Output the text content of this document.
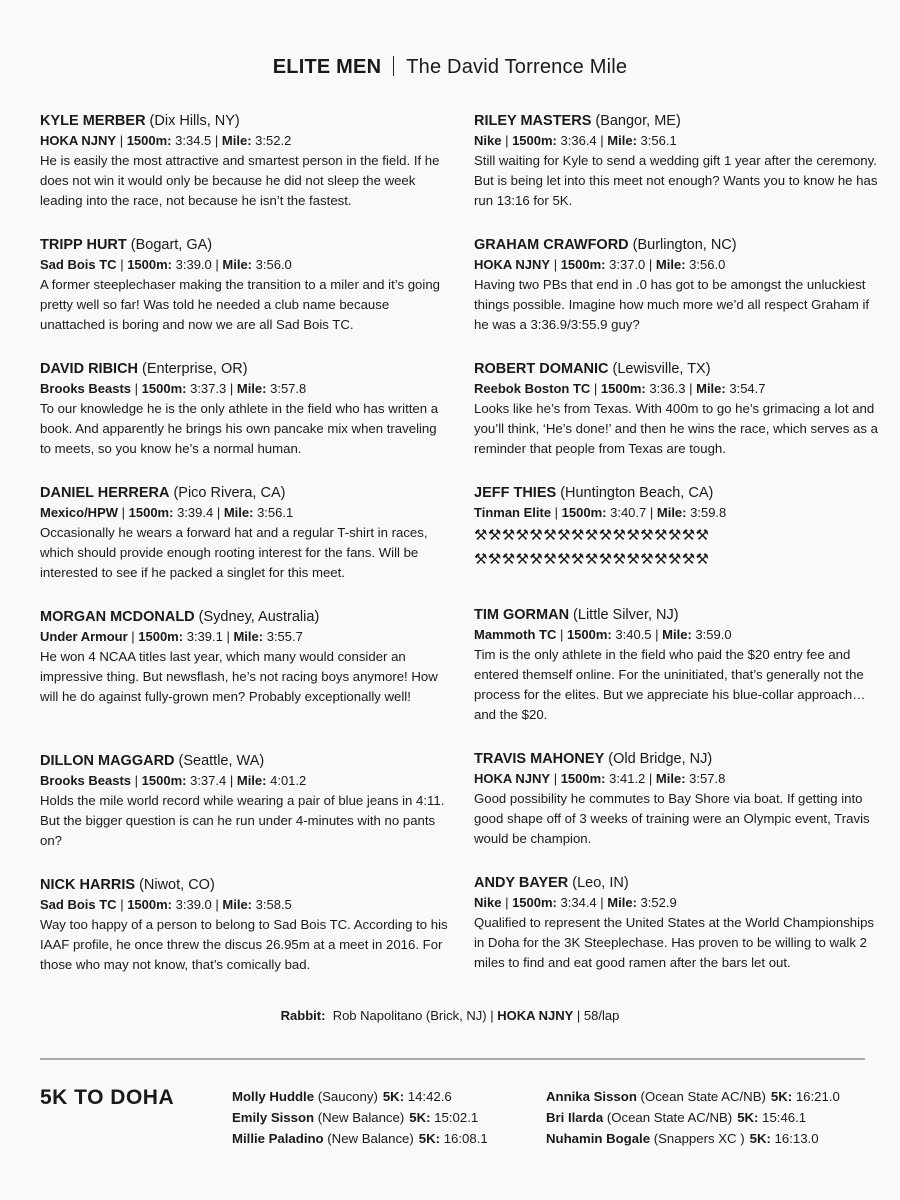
ELITE MEN The David Torrence Mile
KYLE MERBER (Dix Hills, NY)
HOKA NJNY | 1500m: 3:34.5 | Mile: 3:52.2
He is easily the most attractive and smartest person in the field. If he does not win it would only be because he did not sleep the week leading into the race, not because he isn’t the fastest.
TRIPP HURT (Bogart, GA)
Sad Bois TC | 1500m: 3:39.0 | Mile: 3:56.0
A former steeplechaser making the transition to a miler and it’s going pretty well so far! Was told he needed a club name because unattached is boring and now we are all Sad Bois TC.
DAVID RIBICH (Enterprise, OR)
Brooks Beasts | 1500m: 3:37.3 | Mile: 3:57.8
To our knowledge he is the only athlete in the field who has written a book. And apparently he brings his own pancake mix when traveling to meets, so you know he’s a normal human.
DANIEL HERRERA (Pico Rivera, CA)
Mexico/HPW | 1500m: 3:39.4 | Mile: 3:56.1
Occasionally he wears a forward hat and a regular T-shirt in races, which should provide enough rooting interest for the fans. Will be interested to see if he packed a singlet for this meet.
MORGAN MCDONALD (Sydney, Australia)
Under Armour | 1500m: 3:39.1 | Mile: 3:55.7
He won 4 NCAA titles last year, which many would consider an impressive thing. But newsflash, he’s not racing boys anymore! How will he do against fully-grown men? Probably exceptionally well!
DILLON MAGGARD (Seattle, WA)
Brooks Beasts | 1500m: 3:37.4 | Mile: 4:01.2
Holds the mile world record while wearing a pair of blue jeans in 4:11. But the bigger question is can he run under 4-minutes with no pants on?
NICK HARRIS (Niwot, CO)
Sad Bois TC | 1500m: 3:39.0 | Mile: 3:58.5
Way too happy of a person to belong to Sad Bois TC. According to his IAAF profile, he once threw the discus 26.95m at a meet in 2016. For those who may not know, that’s comically bad.
RILEY MASTERS (Bangor, ME)
Nike | 1500m: 3:36.4 | Mile: 3:56.1
Still waiting for Kyle to send a wedding gift 1 year after the ceremony. But is being let into this meet not enough? Wants you to know he has run 13:16 for 5K.
GRAHAM CRAWFORD (Burlington, NC)
HOKA NJNY | 1500m: 3:37.0 | Mile: 3:56.0
Having two PBs that end in .0 has got to be amongst the unluckiest things possible. Imagine how much more we’d all respect Graham if he was a 3:36.9/3:55.9 guy?
ROBERT DOMANIC (Lewisville, TX)
Reebok Boston TC | 1500m: 3:36.3 | Mile: 3:54.7
Looks like he’s from Texas. With 400m to go he’s grimacing a lot and you’ll think, ‘He’s done!’ and then he wins the race, which serves as a reminder that people from Texas are tough.
JEFF THIES (Huntington Beach, CA)
Tinman Elite | 1500m: 3:40.7 | Mile: 3:59.8
⚒⚒⚒⚒⚒⚒⚒⚒⚒⚒⚒⚒⚒⚒⚒⚒⚒
⚒⚒⚒⚒⚒⚒⚒⚒⚒⚒⚒⚒⚒⚒⚒⚒⚒
TIM GORMAN (Little Silver, NJ)
Mammoth TC | 1500m: 3:40.5 | Mile: 3:59.0
Tim is the only athlete in the field who paid the $20 entry fee and entered themself online. For the uninitiated, that’s generally not the process for the elites. But we appreciate his blue-collar approach…and the $20.
TRAVIS MAHONEY (Old Bridge, NJ)
HOKA NJNY | 1500m: 3:41.2 | Mile: 3:57.8
Good possibility he commutes to Bay Shore via boat. If getting into good shape off of 3 weeks of training were an Olympic event, Travis would be champion.
ANDY BAYER (Leo, IN)
Nike | 1500m: 3:34.4 | Mile: 3:52.9
Qualified to represent the United States at the World Championships in Doha for the 3K Steeplechase. Has proven to be willing to walk 2 miles to find and eat good ramen after the bars let out.
Rabbit: Rob Napolitano (Brick, NJ) | HOKA NJNY | 58/lap
5K TO DOHA	Molly Huddle (Saucony) 5K: 14:42.6
Emily Sisson (New Balance) 5K: 15:02.1
Millie Paladino (New Balance) 5K: 16:08.1
Annika Sisson (Ocean State AC/NB) 5K: 16:21.0
Bri Ilarda (Ocean State AC/NB) 5K: 15:46.1
Nuhamin Bogale (Snappers XC ) 5K: 16:13.0
